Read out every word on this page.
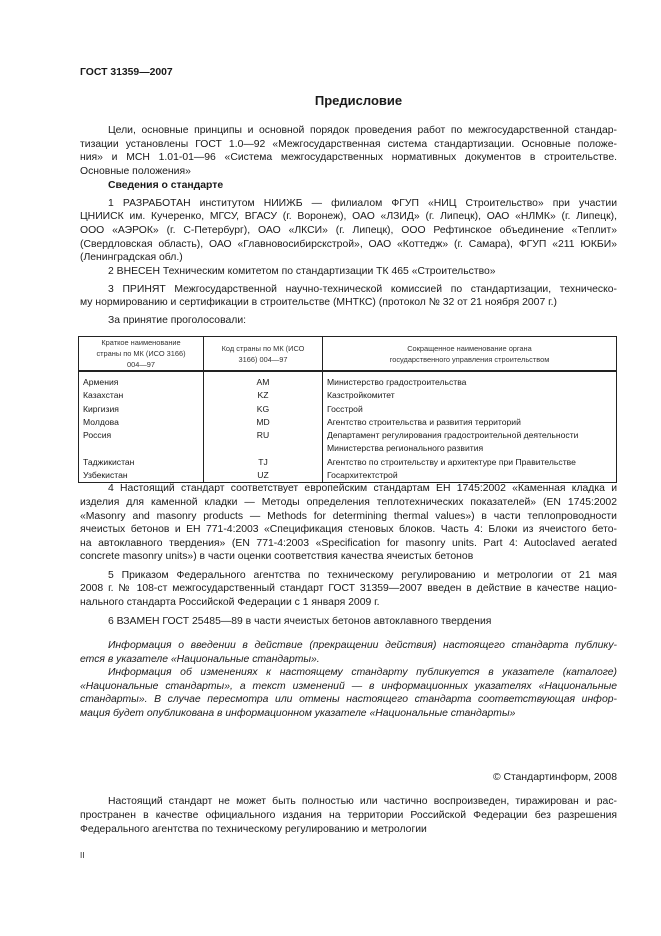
ГОСТ 31359—2007
Предисловие
Цели, основные принципы и основной порядок проведения работ по межгосударственной стандар-
тизации установлены ГОСТ 1.0—92 «Межгосударственная система стандартизации. Основные положе-
ния» и МСН 1.01-01—96 «Система межгосударственных нормативных документов в строительстве.
Основные положения»
Сведения о стандарте
1 РАЗРАБОТАН институтом НИИЖБ — филиалом ФГУП «НИЦ Строительство» при участии
ЦНИИСК им. Кучеренко, МГСУ, ВГАСУ (г. Воронеж), ОАО «ЛЗИД» (г. Липецк), ОАО «НЛМК» (г. Липецк),
ООО «АЭРОК» (г. С-Петербург), ОАО «ЛКСИ» (г. Липецк), ООО Рефтинское объединение «Теплит»
(Свердловская область), ОАО «Главновосибирскстрой», ОАО «Коттедж» (г. Самара), ФГУП «211 ЮКБИ»
(Ленинградская обл.)
2 ВНЕСЕН Техническим комитетом по стандартизации ТК 465 «Строительство»
3 ПРИНЯТ Межгосударственной научно-технической комиссией по стандартизации, техническо-
му нормированию и сертификации в строительстве (МНТКС) (протокол № 32 от 21 ноября 2007 г.)
За принятие проголосовали:
Краткое наименование страны по МК (ИСО 3166) 004—97	Код страны по МК (ИСО 3166) 004—97	Сокращенное наименование органа государственного управления строительством
Армения	AM	Министерство градостроительства
Казахстан	KZ	Казстройкомитет
Киргизия	KG	Госстрой
Молдова	MD	Агентство строительства и развития территорий
Россия	RU	Департамент регулирования градостроительной деятельности Министерства регионального развития
Таджикистан	TJ	Агентство по строительству и архитектуре при Правительстве
Узбекистан	UZ	Госархитектстрой
4 Настоящий стандарт соответствует европейским стандартам ЕН 1745:2002 «Каменная кладка и
изделия для каменной кладки — Методы определения теплотехнических показателей» (EN 1745:2002
«Masonry and masonry products — Methods for determining thermal values») в части теплопроводности
ячеистых бетонов и ЕН 771-4:2003 «Спецификация стеновых блоков. Часть 4: Блоки из ячеистого бето-
на автоклавного твердения» (EN 771-4:2003 «Specification for masonry units. Part 4: Autoclaved aerated
concrete masonry units») в части оценки соответствия качества ячеистых бетонов
5 Приказом Федерального агентства по техническому регулированию и метрологии от 21 мая
2008 г. № 108-ст межгосударственный стандарт ГОСТ 31359—2007 введен в действие в качестве нацио-
нального стандарта Российской Федерации с 1 января 2009 г.
6 ВЗАМЕН ГОСТ 25485—89 в части ячеистых бетонов автоклавного твердения
Информация о введении в действие (прекращении действия) настоящего стандарта публику-
ется в указателе «Национальные стандарты».
Информация об изменениях к настоящему стандарту публикуется в указателе (каталоге)
«Национальные стандарты», а текст изменений — в информационных указателях «Национальные
стандарты». В случае пересмотра или отмены настоящего стандарта соответствующая инфор-
мация будет опубликована в информационном указателе «Национальные стандарты»
© Стандартинформ, 2008
Настоящий стандарт не может быть полностью или частично воспроизведен, тиражирован и рас-
пространен в качестве официального издания на территории Российской Федерации без разрешения
Федерального агентства по техническому регулированию и метрологии
II
